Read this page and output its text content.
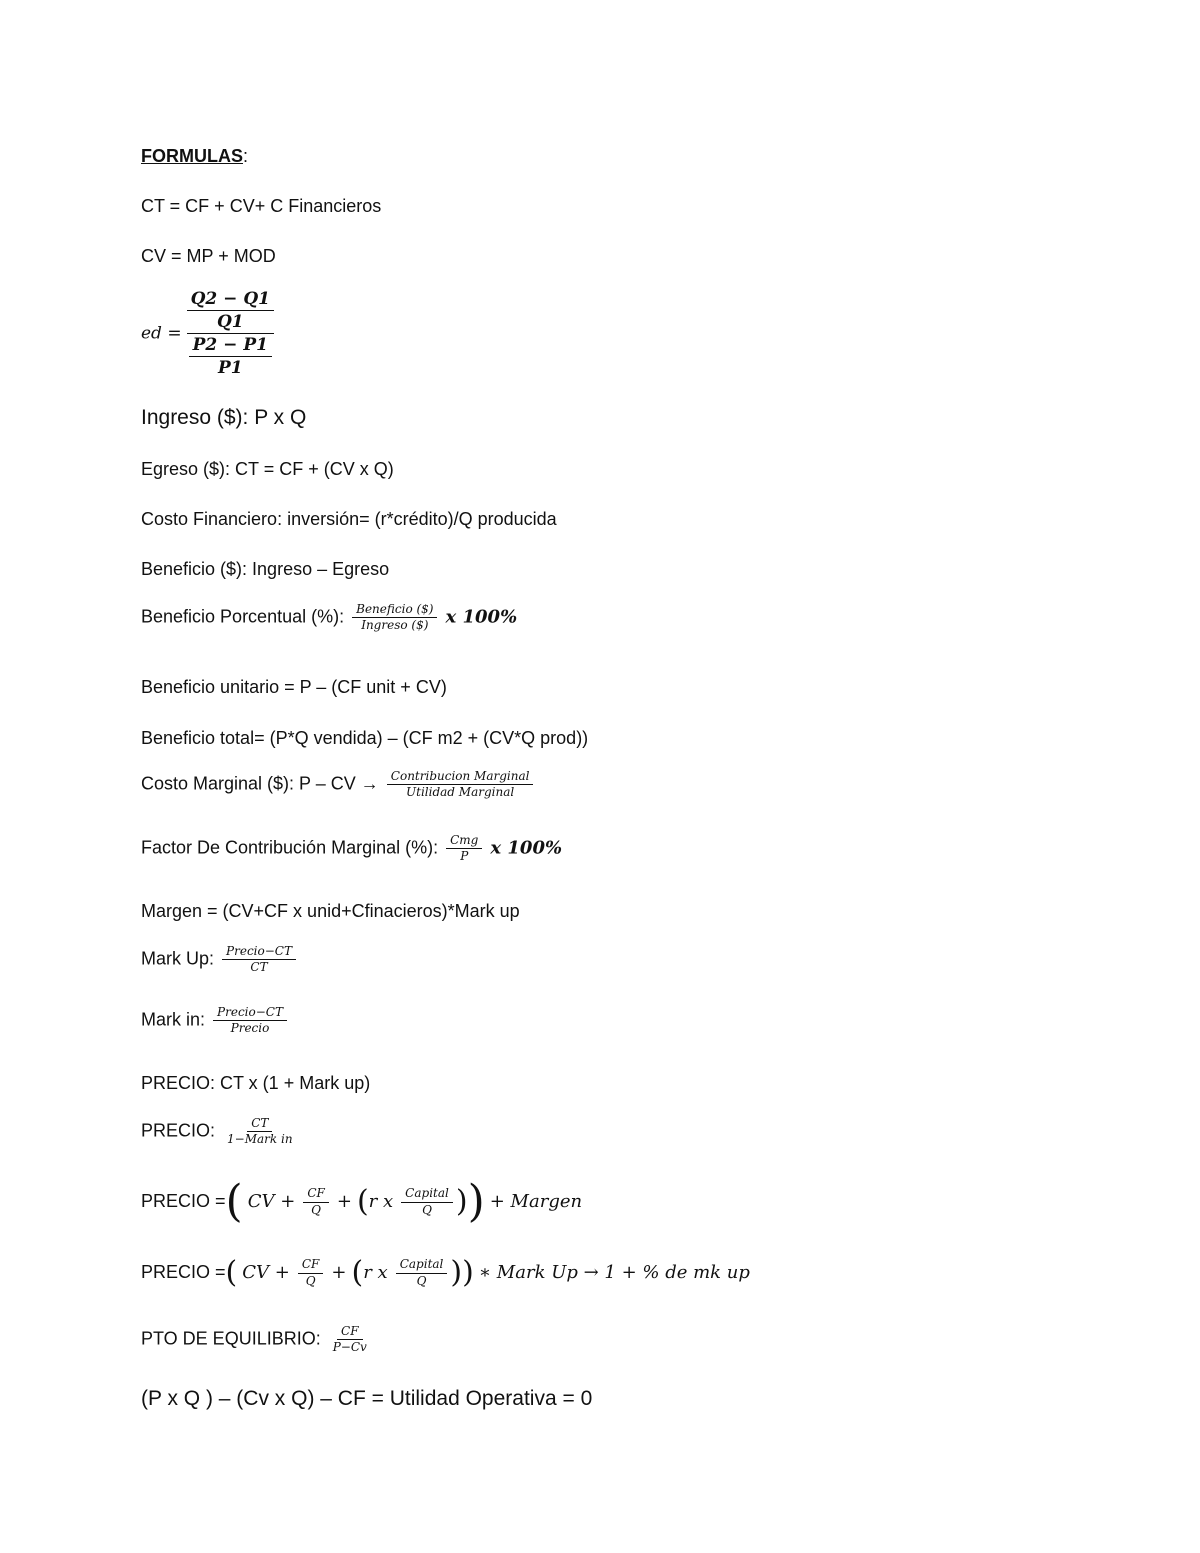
FORMULAS:
CT = CF + CV+ C Financieros
CV = MP + MOD
ed = Q2 − Q1
Q1
P2 − P1
P1
Ingreso ($): P x Q
Egreso ($): CT = CF + (CV x Q)
Costo Financiero: inversión= (r*crédito)/Q producida
Beneficio ($): Ingreso – Egreso
Beneficio Porcentual (%): $\frac{\text{Beneficio (\$)}}{\text{Ingreso (\$)}}$ x 100%
Beneficio unitario = P – (CF unit + CV)
Beneficio total= (P*Q vendida) – (CF m2 + (CV*Q prod))
Costo Marginal ($): P – CV → $\frac{\text{Contribucion Marginal}}{\text{Utilidad Marginal}}$
Factor De Contribución Marginal (%): $\frac{\text{Cmg}}{P}$ x 100%
Margen = (CV+CF x unid+Cfinacieros)*Mark up
Mark Up: $\frac{\text{Precio−CT}}{CT}$
Mark in: $\frac{\text{Precio−CT}}{\text{Precio}}$
PRECIO: CT x (1 + Mark up)
PRECIO: $\frac{CT}{\text{1−Mark in}}$
PRECIO =( CV + $\frac{CF}{Q} + (r$ x $\frac{\text{Capital}}{Q}$ )) + Margen
PRECIO =( CV + $\frac{CF}{Q} + (r$ x $\frac{\text{Capital}}{Q}$ )) ∗ Mark Up → 1 + % de mk up
PTO DE EQUILIBRIO: $\frac{CF}{P-Cv}$
(P x Q ) – (Cv x Q) – CF = Utilidad Operativa = 0
